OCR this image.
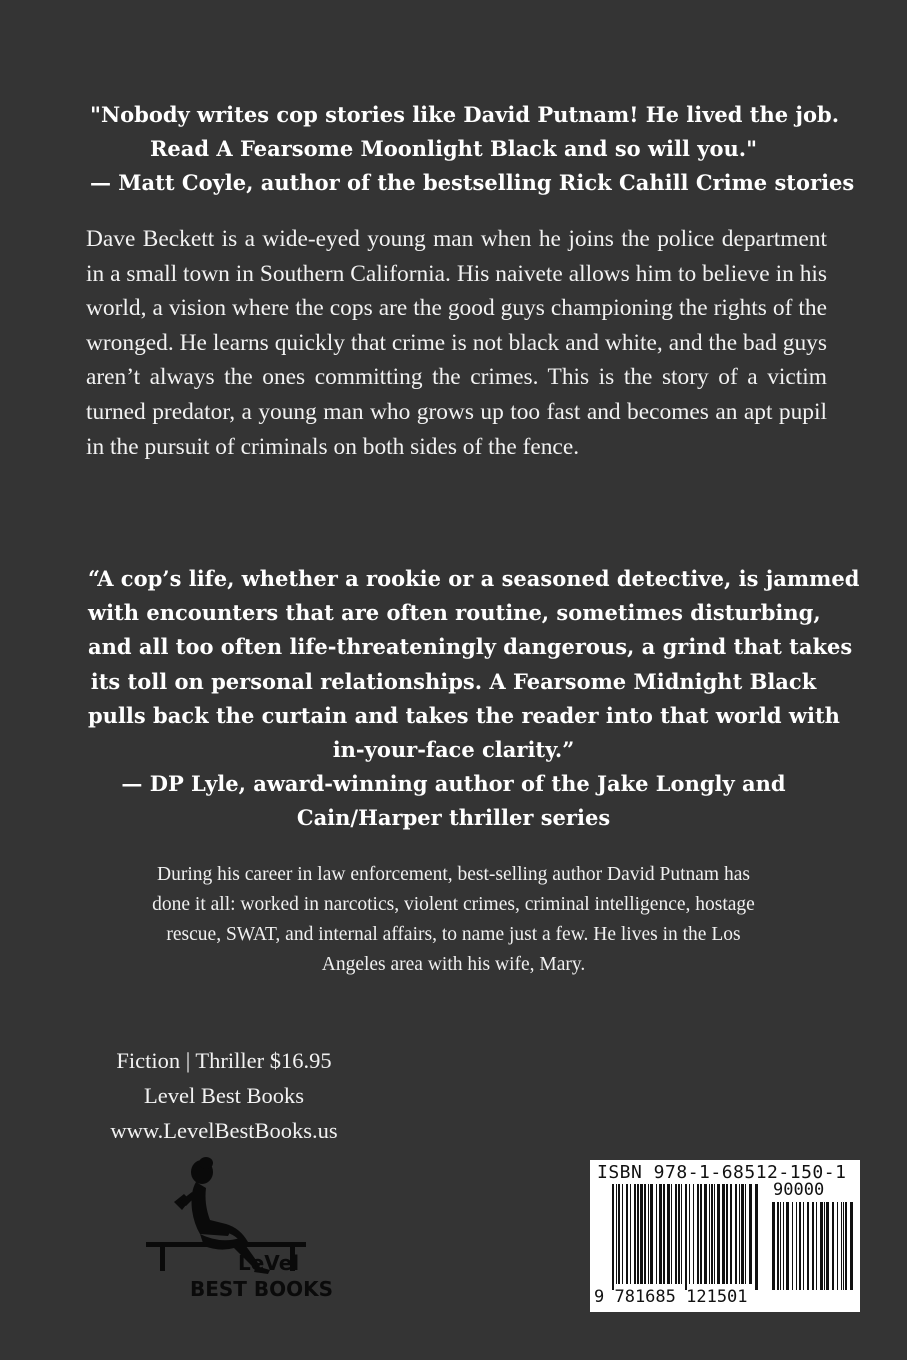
"Nobody writes cop stories like David Putnam! He lived the job.
Read A Fearsome Moonlight Black and so will you."
— Matt Coyle, author of the bestselling Rick Cahill Crime stories
Dave Beckett is a wide-eyed young man when he joins the police department in a small town in Southern California. His naivete allows him to believe in his world, a vision where the cops are the good guys championing the rights of the wronged. He learns quickly that crime is not black and white, and the bad guys aren’t always the ones committing the crimes. This is the story of a victim turned predator, a young man who grows up too fast and becomes an apt pupil in the pursuit of criminals on both sides of the fence.
“A cop’s life, whether a rookie or a seasoned detective, is jammed
with encounters that are often routine, sometimes disturbing,
and all too often life-threateningly dangerous, a grind that takes
its toll on personal relationships. A Fearsome Midnight Black
pulls back the curtain and takes the reader into that world with
in-your-face clarity.”
— DP Lyle, award-winning author of the Jake Longly and
Cain/Harper thriller series
During his career in law enforcement, best-selling author David Putnam has
done it all: worked in narcotics, violent crimes, criminal intelligence, hostage
rescue, SWAT, and internal affairs, to name just a few. He lives in the Los
Angeles area with his wife, Mary.
Fiction | Thriller $16.95
Level Best Books
www.LevelBestBooks.us
LeVel
BEST BOOKS
ISBN 978-1-68512-150-1
90000
9 781685 121501
